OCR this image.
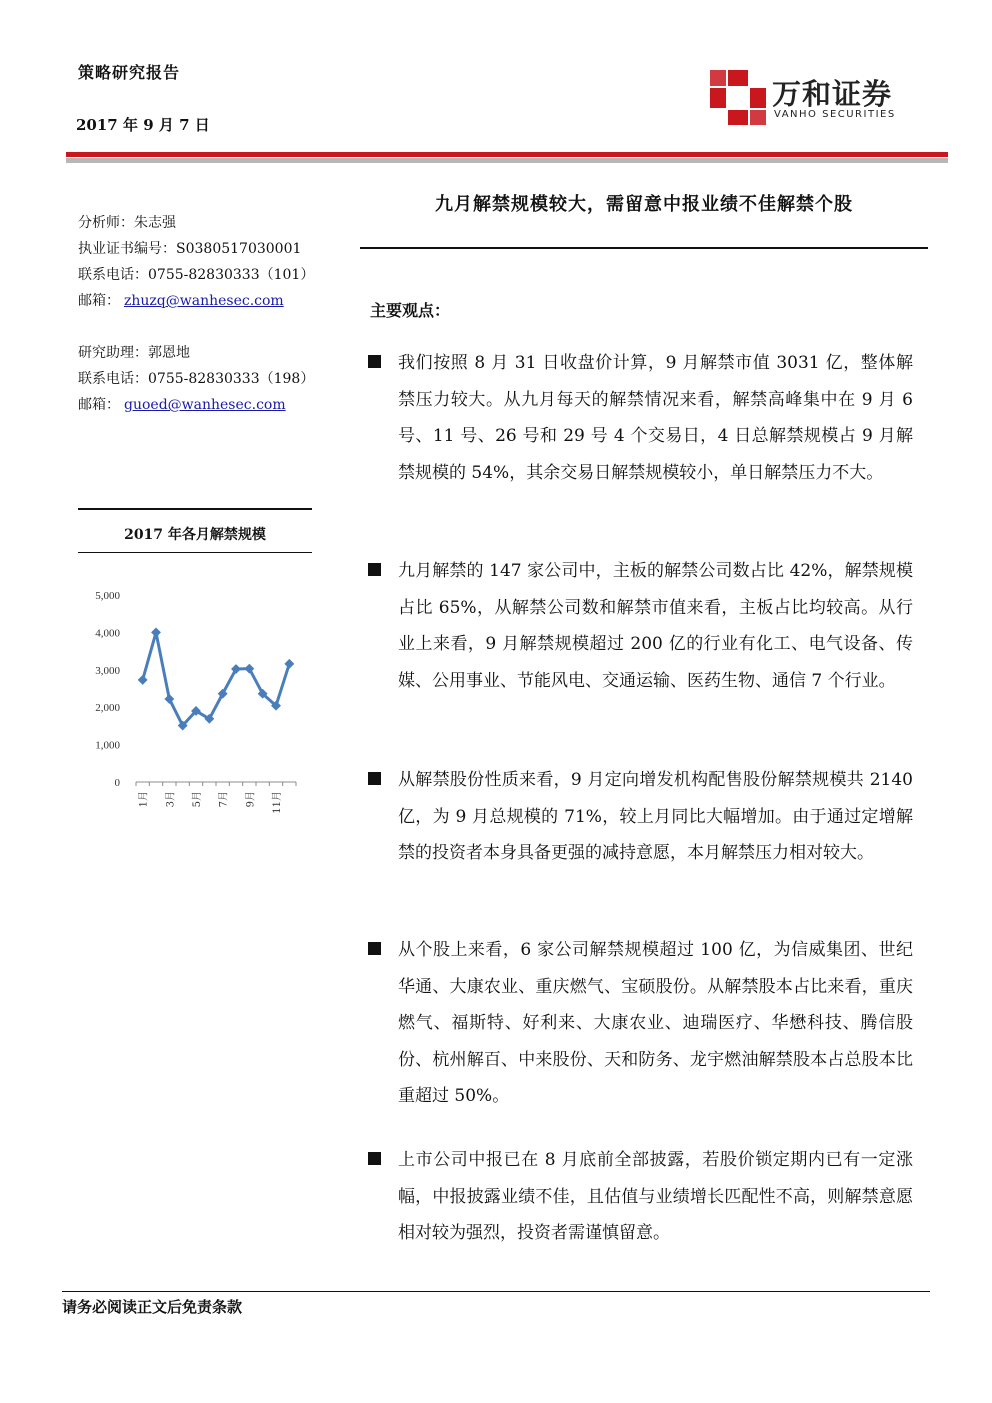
策略研究报告
2017 年 9 月 7 日
万和证券
VANHO SECURITIES
九月解禁规模较大，需留意中报业绩不佳解禁个股
分析师：朱志强
执业证书编号：S0380517030001
联系电话：0755-82830333（101）
邮箱： zhuzq@wanhesec.com
研究助理：郭恩地
联系电话：0755-82830333（198）
邮箱： guoed@wanhesec.com
2017 年各月解禁规模
5,000
4,000
3,000
2,000
1,000
0
1月 3月 5月 7月 9月 11月
主要观点：
我们按照 8 月 31 日收盘价计算，9 月解禁市值 3031 亿，整体解禁压力较大。从九月每天的解禁情况来看，解禁高峰集中在 9 月 6 号、11 号、26 号和 29 号 4 个交易日，4 日总解禁规模占 9 月解禁规模的 54%，其余交易日解禁规模较小，单日解禁压力不大。
九月解禁的 147 家公司中，主板的解禁公司数占比 42%，解禁规模占比 65%，从解禁公司数和解禁市值来看，主板占比均较高。从行业上来看，9 月解禁规模超过 200 亿的行业有化工、电气设备、传媒、公用事业、节能风电、交通运输、医药生物、通信 7 个行业。
从解禁股份性质来看，9 月定向增发机构配售股份解禁规模共 2140 亿，为 9 月总规模的 71%，较上月同比大幅增加。由于通过定增解禁的投资者本身具备更强的减持意愿，本月解禁压力相对较大。
从个股上来看，6 家公司解禁规模超过 100 亿，为信威集团、世纪华通、大康农业、重庆燃气、宝硕股份。从解禁股本占比来看，重庆燃气、福斯特、好利来、大康农业、迪瑞医疗、华懋科技、腾信股份、杭州解百、中来股份、天和防务、龙宇燃油解禁股本占总股本比重超过 50%。
上市公司中报已在 8 月底前全部披露，若股价锁定期内已有一定涨幅，中报披露业绩不佳，且估值与业绩增长匹配性不高，则解禁意愿相对较为强烈，投资者需谨慎留意。
请务必阅读正文后免责条款
